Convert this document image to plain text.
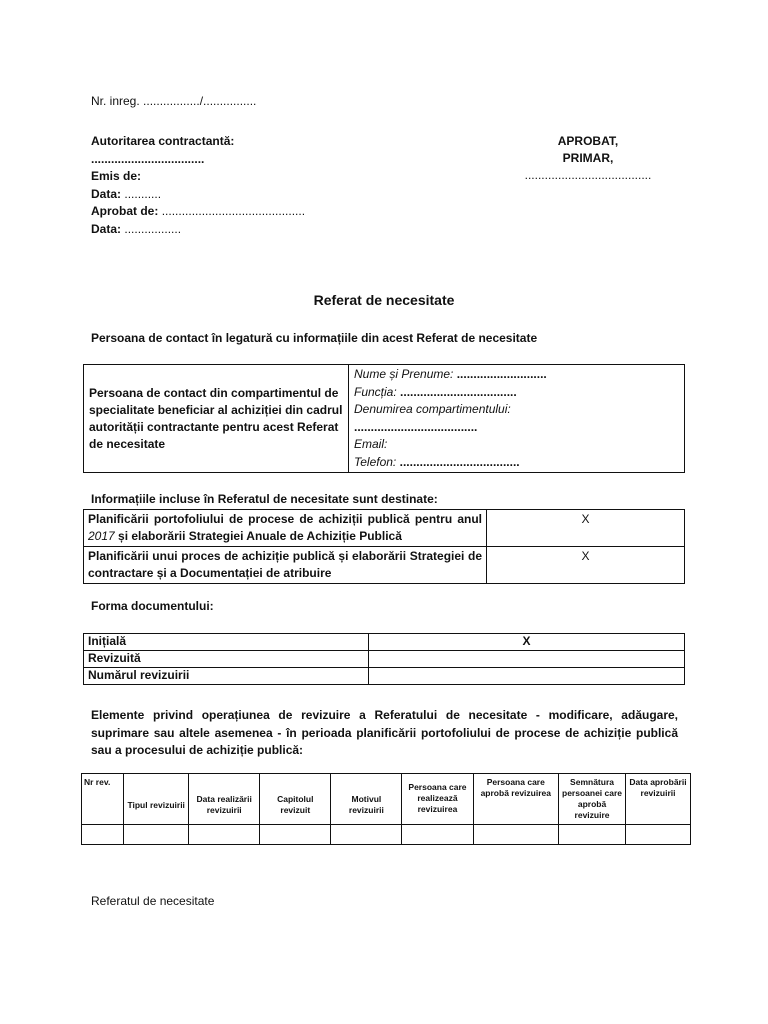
Nr. inreg. ................./................
Autoritarea contractantă:
..................................
Emis de:
Data: ...........
Aprobat de: ...........................................
Data: .................
APROBAT,
PRIMAR,
......................................
Referat de necesitate
Persoana de contact în legatură cu informațiile din acest Referat de necesitate
Persoana de contact din compartimentul de specialitate beneficiar al achiziției din cadrul autorității contractante pentru acest Referat de necesitate	
Nume și Prenume: ...........................
Funcția: ...................................
Denumirea compartimentului:
.....................................
Email:
Telefon: ....................................
Informațiile incluse în Referatul de necesitate sunt destinate:
Planificării portofoliului de procese de achiziții publică pentru anul 2017 și elaborării Strategiei Anuale de Achiziție Publică	X
Planificării unui proces de achiziție publică și elaborării Strategiei de contractare și a Documentației de atribuire	X
Forma documentului:
Inițială	X
Revizuită	
Numărul revizuirii	
Elemente privind operațiunea de revizuire a Referatului de necesitate - modificare, adăugare, suprimare sau altele asemenea - în perioada planificării portofoliului de procese de achiziție publică sau a procesului de achiziție publică:
Nr rev.	Tipul revizuirii	Data realizării revizuirii	Capitolul revizuit	Motivul revizuirii	Persoana care realizează revizuirea	Persoana care aprobă revizuirea	Semnătura persoanei care aprobă revizuire	Data aprobării revizuirii

Referatul de necesitate
